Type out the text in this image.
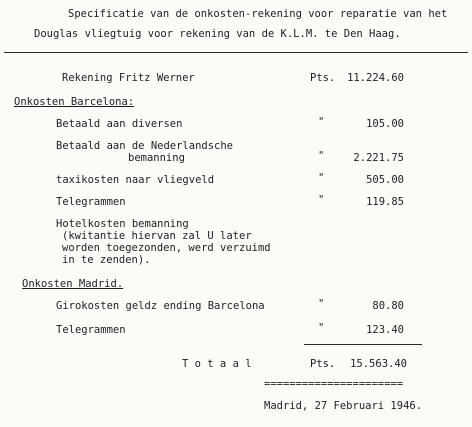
Specificatie van de onkosten-rekening voor reparatie van het
Douglas vliegtuig voor rekening van de K.L.M. te Den Haag.
Rekening Fritz Werner	Pts.	11.224.60
Onkosten Barcelona:
Betaald aan diversen	"	105.00
Betaald aan de Nederlandsche
bemanning	"	2.221.75
taxikosten naar vliegveld	"	505.00
Telegrammen	"	119.85
Hotelkosten bemanning
(kwitantie hiervan zal U later
worden toegezonden, werd verzuimd
in te zenden).
Onkosten Madrid.
Girokosten geldz ending Barcelona	"	80.80
Telegrammen	"	123.40
T o t a a l	Pts.	15.563.40
======================
Madrid, 27 Februari 1946.
